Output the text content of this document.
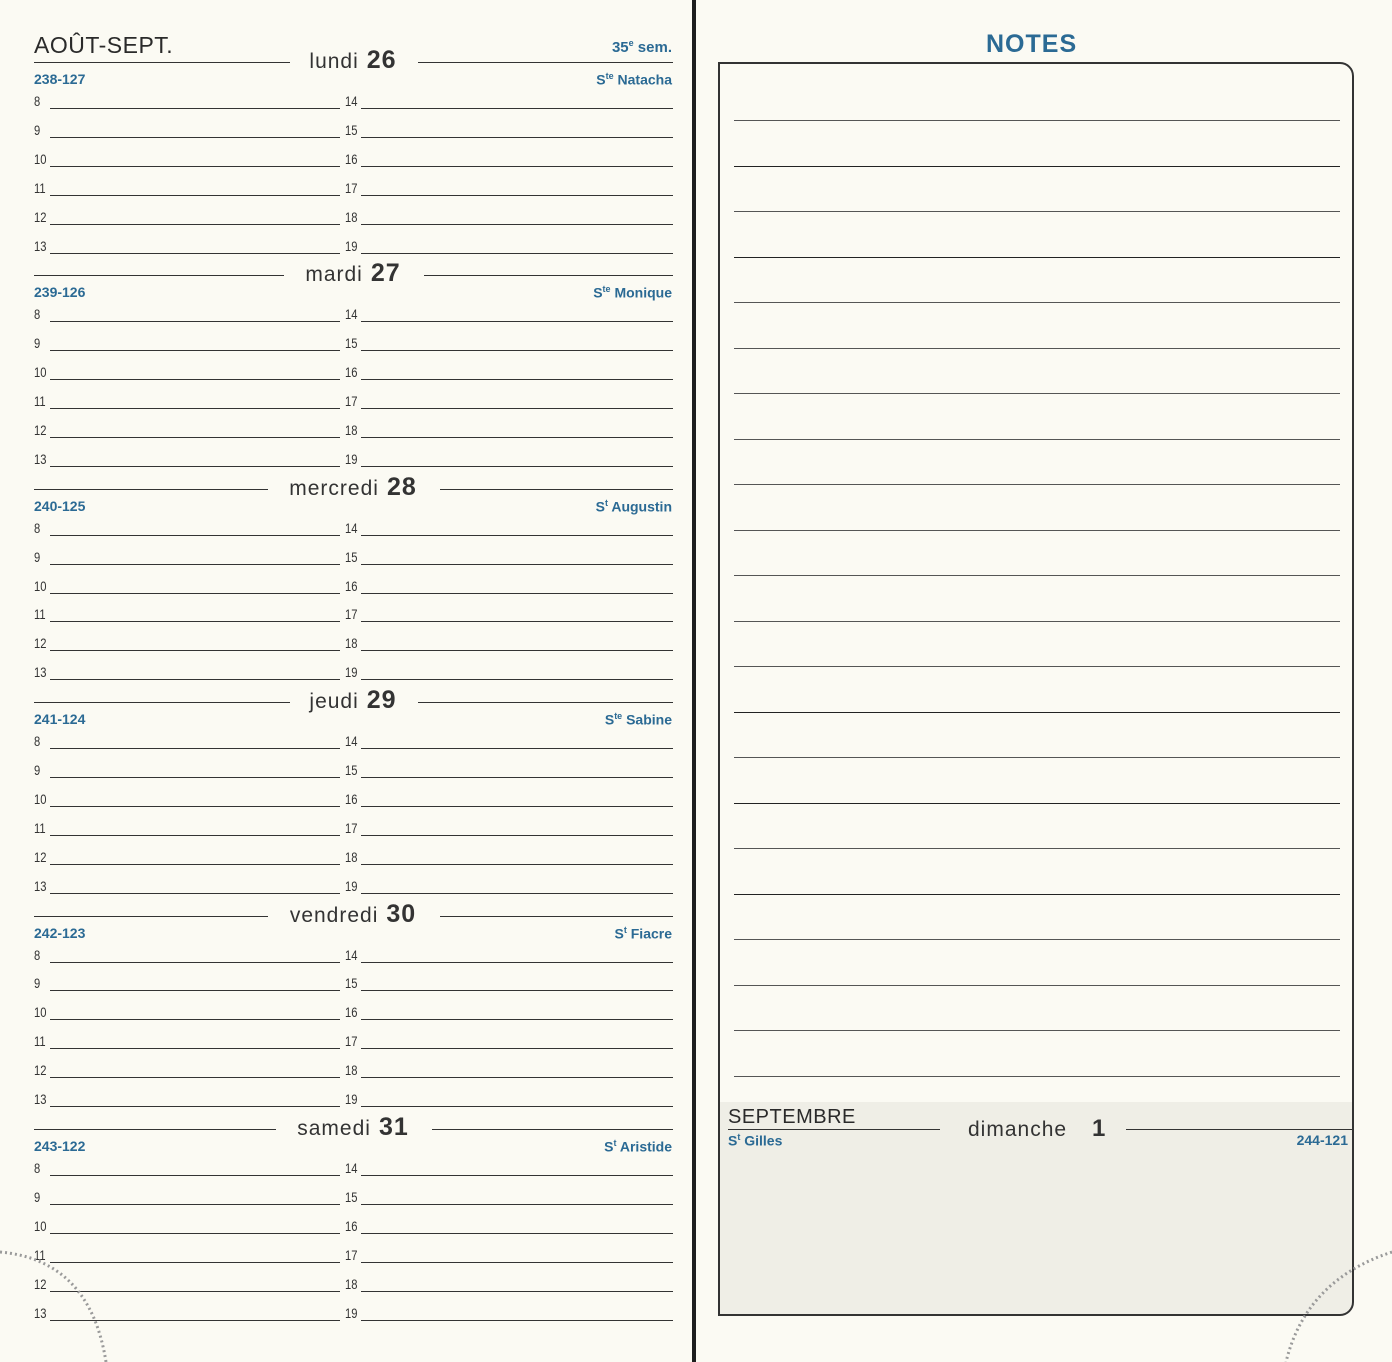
AOÛT-SEPT.	35e sem.
lundi 26
238-127	$S^{te}$ Natacha
8	14
9	15
10	16
11	17
12	18
13	19
mardi 27
239-126	$S^{te}$ Monique
8	14
9	15
10	16
11	17
12	18
13	19
mercredi 28
240-125	$S^t$ Augustin
8	14
9	15
10	16
11	17
12	18
13	19
jeudi 29
241-124	$S^{te}$ Sabine
8	14
9	15
10	16
11	17
12	18
13	19
vendredi 30
242-123	$S^t$ Fiacre
8	14
9	15
10	16
11	17
12	18
13	19
samedi 31
243-122	$S^t$ Aristide
8	14
9	15
10	16
11	17
12	18
13	19
NOTES
SEPTEMBRE
dimanche 1
$S^t$ Gilles	244-121
